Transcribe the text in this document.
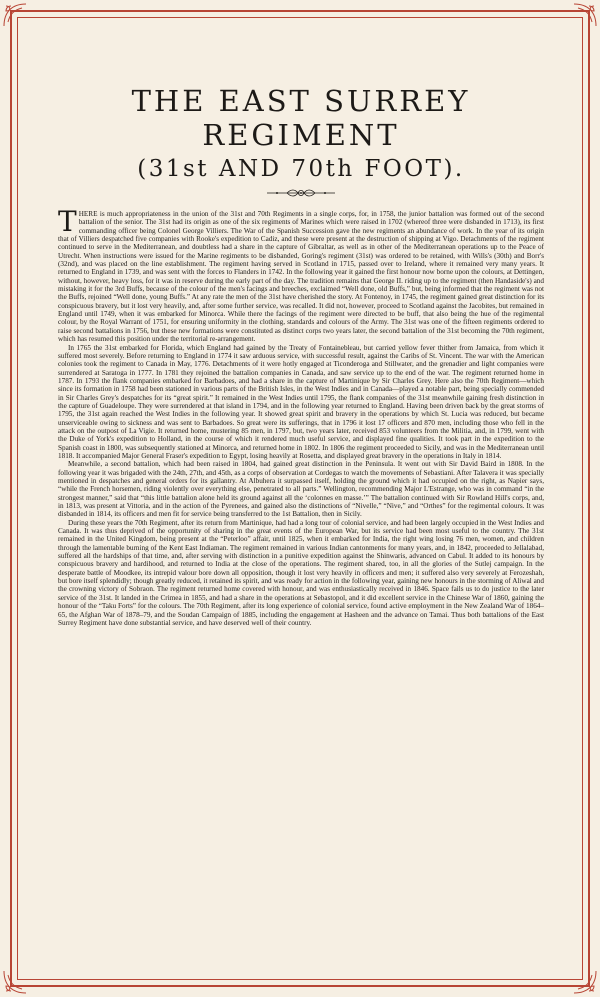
THE EAST SURREY REGIMENT
(31st AND 70th FOOT).

THERE is much appropriateness in the union of the 31st and 70th Regiments in a single corps, for, in 1758, the junior battalion was formed out of the second battalion of the senior. The 31st had its origin as one of the six regiments of Marines which were raised in 1702 (whereof three were disbanded in 1713), its first commanding officer being Colonel George Villiers. The War of the Spanish Succession gave the new regiments an abundance of work. In the year of its origin that of Villiers despatched five companies with Rooke's expedition to Cadiz, and these were present at the destruction of shipping at Vigo. Detachments of the regiment continued to serve in the Mediterranean, and doubtless had a share in the capture of Gibraltar, as well as in other of the Mediterranean operations up to the Peace of Utrecht. When instructions were issued for the Marine regiments to be disbanded, Goring's regiment (31st) was ordered to be retained, with Wills's (30th) and Borr's (32nd), and was placed on the line establishment. The regiment having served in Scotland in 1715, passed over to Ireland, where it remained very many years. It returned to England in 1739, and was sent with the forces to Flanders in 1742. In the following year it gained the first honour now borne upon the colours, at Dettingen, without, however, heavy loss, for it was in reserve during the early part of the day. The tradition remains that George II. riding up to the regiment (then Handaside's) and mistaking it for the 3rd Buffs, because of the colour of the men's facings and breeches, exclaimed “Well done, old Buffs,” but, being informed that the regiment was not the Buffs, rejoined “Well done, young Buffs.” At any rate the men of the 31st have cherished the story. At Fontenoy, in 1745, the regiment gained great distinction for its conspicuous bravery, but it lost very heavily, and, after some further service, was recalled. It did not, however, proceed to Scotland against the Jacobites, but remained in England until 1749, when it was embarked for Minorca. While there the facings of the regiment were directed to be buff, that also being the hue of the regimental colour, by the Royal Warrant of 1751, for ensuring uniformity in the clothing, standards and colours of the Army. The 31st was one of the fifteen regiments ordered to raise second battalions in 1756, but these new formations were constituted as distinct corps two years later, the second battalion of the 31st becoming the 70th regiment, which has resumed this position under the territorial re-arrangement.

In 1765 the 31st embarked for Florida, which England had gained by the Treaty of Fontainebleau, but carried yellow fever thither from Jamaica, from which it suffered most severely. Before returning to England in 1774 it saw arduous service, with successful result, against the Caribs of St. Vincent. The war with the American colonies took the regiment to Canada in May, 1776. Detachments of it were hotly engaged at Ticonderoga and Stillwater, and the grenadier and light companies were surrendered at Saratoga in 1777. In 1781 they rejoined the battalion companies in Canada, and saw service up to the end of the war. The regiment returned home in 1787. In 1793 the flank companies embarked for Barbadoes, and had a share in the capture of Martinique by Sir Charles Grey. Here also the 70th Regiment—which since its formation in 1758 had been stationed in various parts of the British Isles, in the West Indies and in Canada—played a notable part, being specially commended in Sir Charles Grey's despatches for its “great spirit.” It remained in the West Indies until 1795, the flank companies of the 31st meanwhile gaining fresh distinction in the capture of Guadeloupe. They were surrendered at that island in 1794, and in the following year returned to England. Having been driven back by the great storms of 1795, the 31st again reached the West Indies in the following year. It showed great spirit and bravery in the operations by which St. Lucia was reduced, but became unserviceable owing to sickness and was sent to Barbadoes. So great were its sufferings, that in 1796 it lost 17 officers and 870 men, including those who fell in the attack on the outpost of La Vigie. It returned home, mustering 85 men, in 1797, but, two years later, received 853 volunteers from the Militia, and, in 1799, went with the Duke of York's expedition to Holland, in the course of which it rendered much useful service, and displayed fine qualities. It took part in the expedition to the Spanish coast in 1800, was subsequently stationed at Minorca, and returned home in 1802. In 1806 the regiment proceeded to Sicily, and was in the Mediterranean until 1818. It accompanied Major General Fraser's expedition to Egypt, losing heavily at Rosetta, and displayed great bravery in the operations in Italy in 1814.

Meanwhile, a second battalion, which had been raised in 1804, had gained great distinction in the Peninsula. It went out with Sir David Baird in 1808. In the following year it was brigaded with the 24th, 27th, and 45th, as a corps of observation at Cordegas to watch the movements of Sebastiani. After Talavera it was specially mentioned in despatches and general orders for its gallantry. At Albuhera it surpassed itself, holding the ground which it had occupied on the right, as Napier says, “while the French horsemen, riding violently over everything else, penetrated to all parts.” Wellington, recommending Major L'Estrange, who was in command “in the strongest manner,” said that “this little battalion alone held its ground against all the ‘colonnes en masse.’” The battalion continued with Sir Rowland Hill's corps, and, in 1813, was present at Vittoria, and in the action of the Pyrenees, and gained also the distinctions of “Nivelle,” “Nive,” and “Orthes” for the regimental colours. It was disbanded in 1814, its officers and men fit for service being transferred to the 1st Battalion, then in Sicily.

During these years the 70th Regiment, after its return from Martinique, had had a long tour of colonial service, and had been largely occupied in the West Indies and Canada. It was thus deprived of the opportunity of sharing in the great events of the European War, but its service had been most useful to the country. The 31st remained in the United Kingdom, being present at the “Peterloo” affair, until 1825, when it embarked for India, the right wing losing 76 men, women, and children through the lamentable burning of the Kent East Indiaman. The regiment remained in various Indian cantonments for many years, and, in 1842, proceeded to Jellalabad, suffered all the hardships of that time, and, after serving with distinction in a punitive expedition against the Shinwaris, advanced on Cabul. It added to its honours by conspicuous bravery and hardihood, and returned to India at the close of the operations. The regiment shared, too, in all the glories of the Sutlej campaign. In the desperate battle of Moodkee, its intrepid valour bore down all opposition, though it lost very heavily in officers and men; it suffered also very severely at Ferozeshah, but bore itself splendidly; though greatly reduced, it retained its spirit, and was ready for action in the following year, gaining new honours in the storming of Aliwal and the crowning victory of Sobraon. The regiment returned home covered with honour, and was enthusiastically received in 1846. Space fails us to do justice to the later service of the 31st. It landed in the Crimea in 1855, and had a share in the operations at Sebastopol, and it did excellent service in the Chinese War of 1860, gaining the honour of the “Taku Forts” for the colours. The 70th Regiment, after its long experience of colonial service, found active employment in the New Zealand War of 1864–65, the Afghan War of 1878–79, and the Soudan Campaign of 1885, including the engagement at Hasheen and the advance on Tamai. Thus both battalions of the East Surrey Regiment have done substantial service, and have deserved well of their country.
